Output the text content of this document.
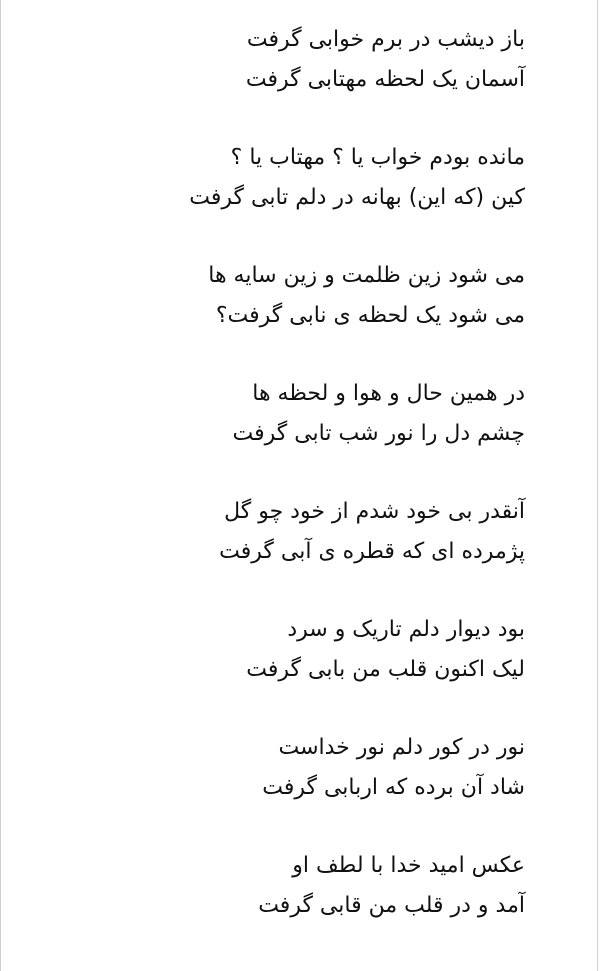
باز دیشب در برم خوابی گرفت
آسمان یک لحظه مهتابی گرفت
مانده بودم خواب یا ؟ مهتاب یا ؟
کین (که این) بهانه در دلم تابی گرفت
می شود زین ظلمت و زین سایه ها
می شود یک لحظه ی نابی گرفت؟
در همین حال و هوا و لحظه ها
چشم دل را نور شب تابی گرفت
آنقدر بی خود شدم از خود چو گل
پژمرده ای که قطره ی آبی گرفت
بود دیوار دلم تاریک و سرد
لیک اکنون قلب من بابی گرفت
نور در کور دلم نور خداست
شاد آن برده که اربابی گرفت
عکس امید خدا با لطف او
آمد و در قلب من قابی گرفت
